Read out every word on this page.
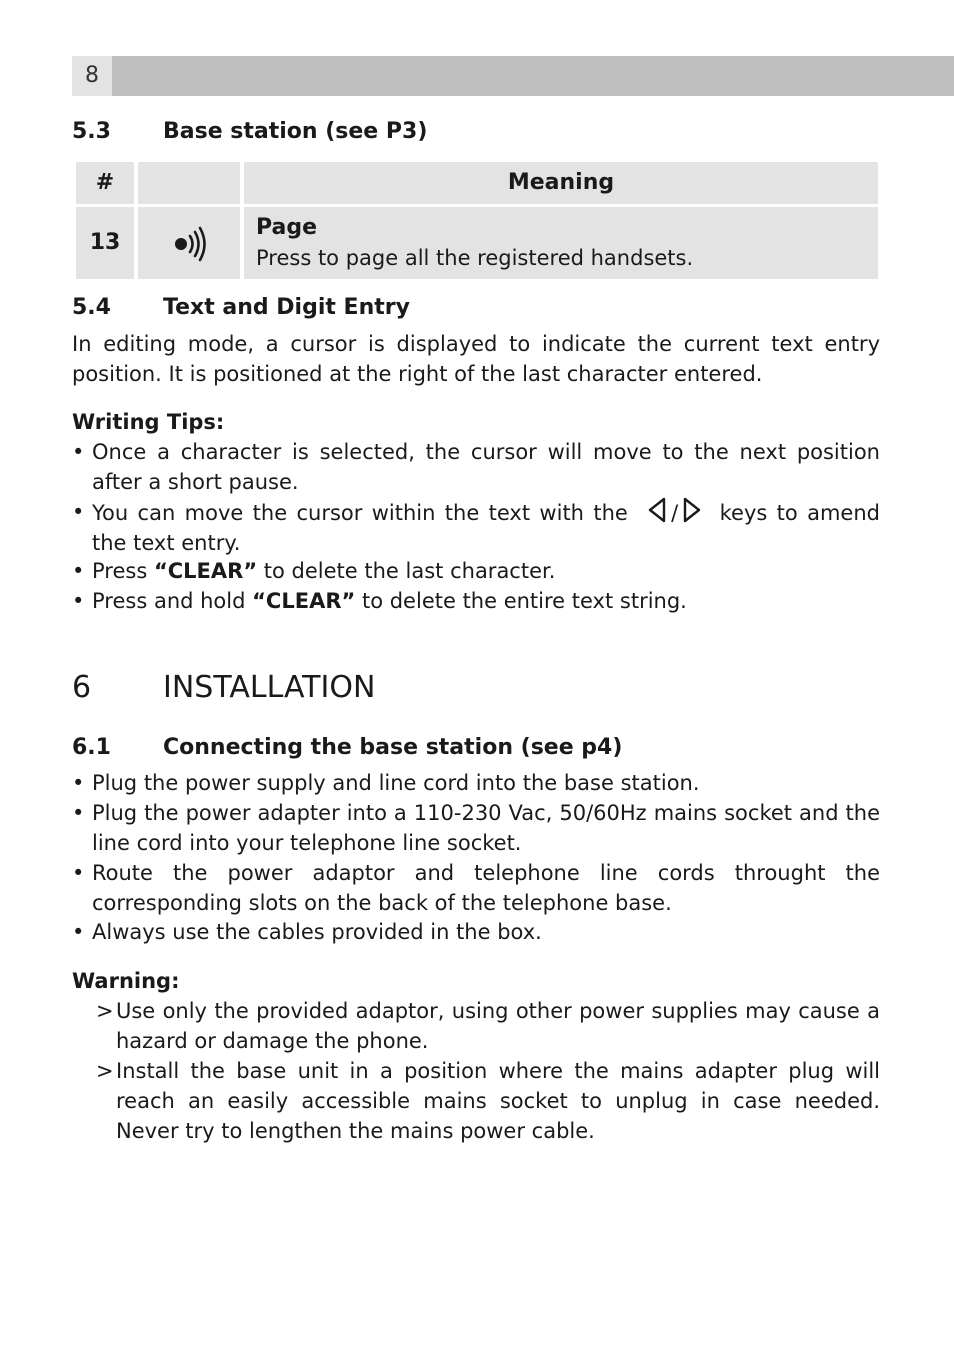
8
5.3 Base station (see P3)
#	Meaning
13
Page
Press to page all the registered handsets.
5.4 Text and Digit Entry
In editing mode, a cursor is displayed to indicate the current text entry position. It is positioned at the right of the last character entered.
Writing Tips:
• Once a character is selected, the cursor will move to the next position after a short pause.
• You can move the cursor within the text with the / keys to amend the text entry.
• Press “CLEAR” to delete the last character.
• Press and hold “CLEAR” to delete the entire text string.
6 INSTALLATION
6.1 Connecting the base station (see p4)
• Plug the power supply and line cord into the base station.
• Plug the power adapter into a 110-230 Vac, 50/60Hz mains socket and the line cord into your telephone line socket.
• Route the power adaptor and telephone line cords throught the corresponding slots on the back of the telephone base.
• Always use the cables provided in the box.
Warning:
> Use only the provided adaptor, using other power supplies may cause a hazard or damage the phone.
> Install the base unit in a position where the mains adapter plug will reach an easily accessible mains socket to unplug in case needed. Never try to lengthen the mains power cable.
